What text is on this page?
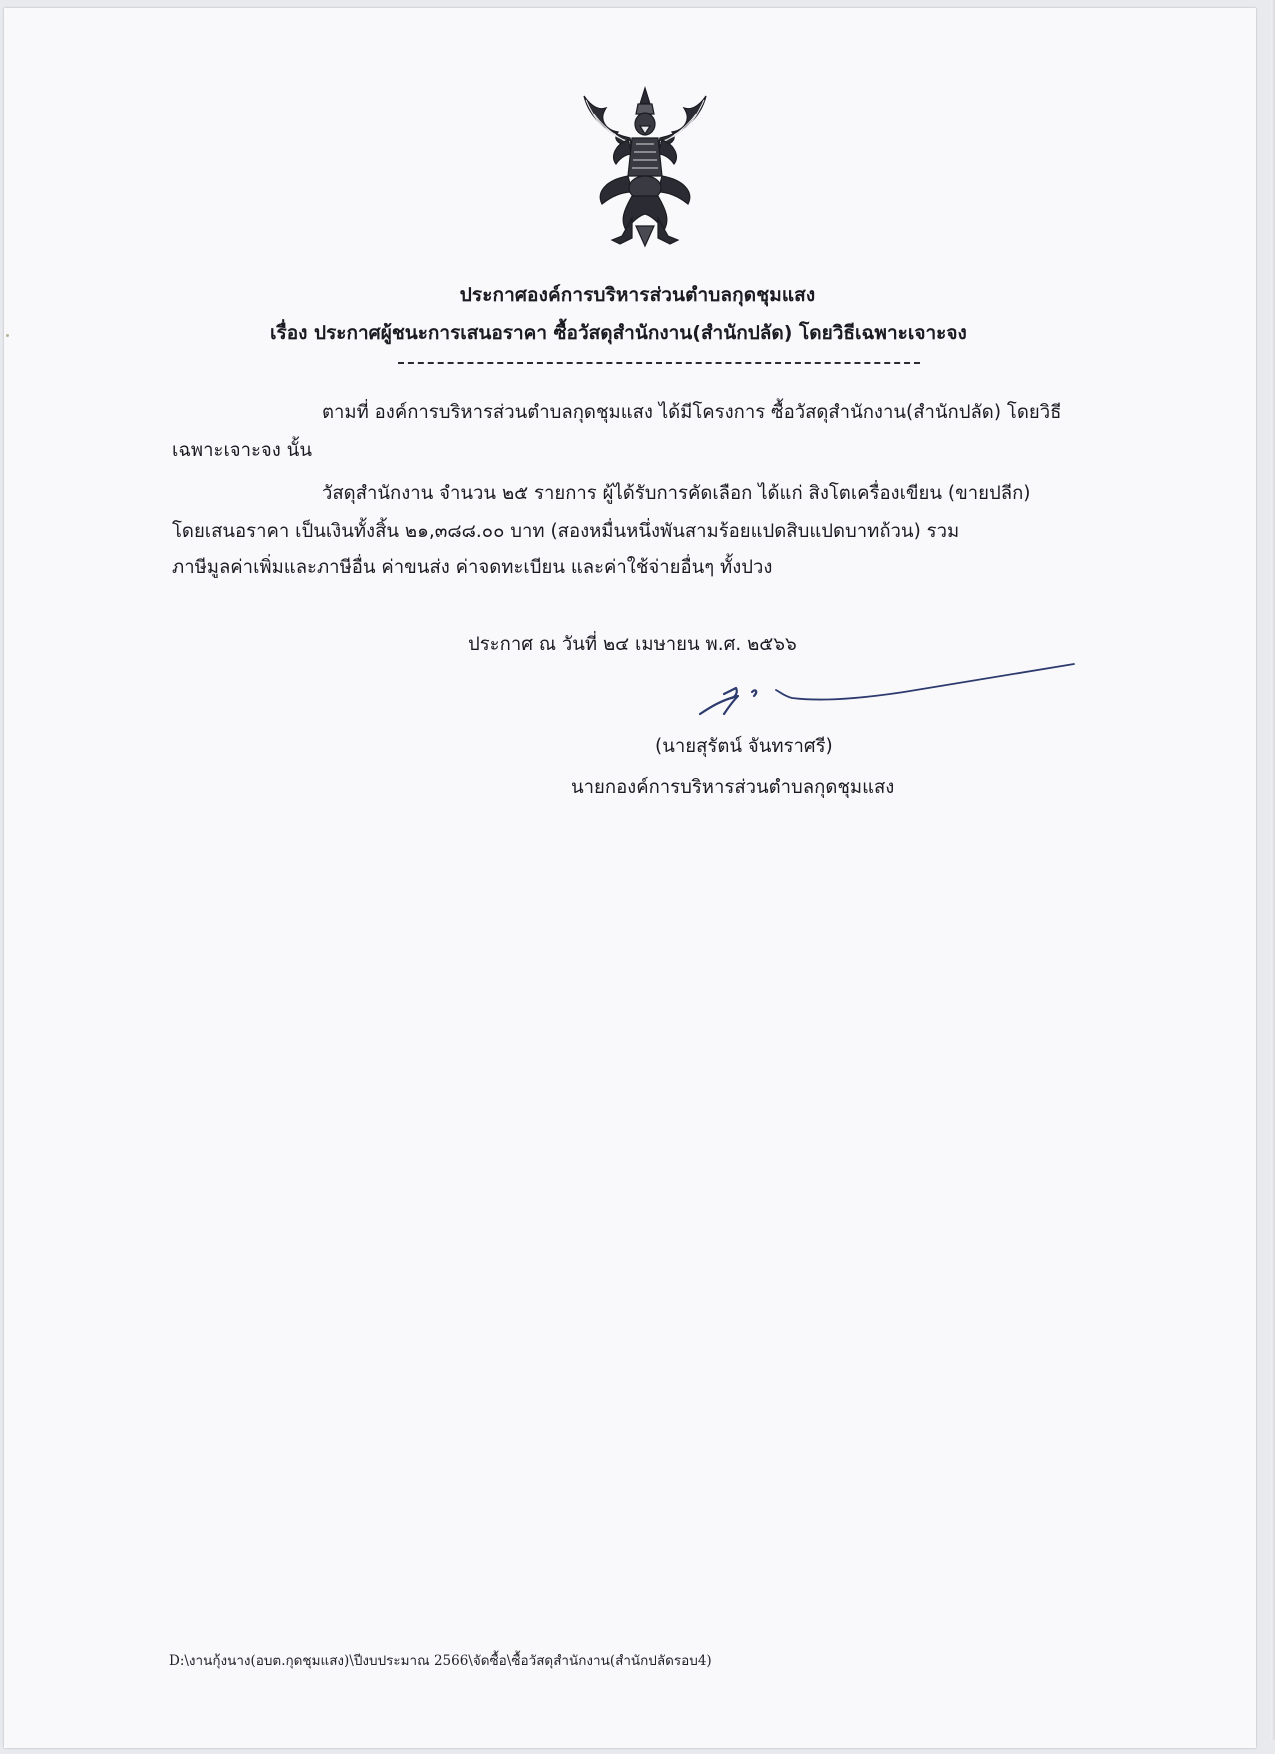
ประกาศองค์การบริหารส่วนตำบลกุดชุมแสง
เรื่อง ประกาศผู้ชนะการเสนอราคา ซื้อวัสดุสำนักงาน(สำนักปลัด) โดยวิธีเฉพาะเจาะจง
ตามที่ องค์การบริหารส่วนตำบลกุดชุมแสง ได้มีโครงการ ซื้อวัสดุสำนักงาน(สำนักปลัด) โดยวิธี
เฉพาะเจาะจง นั้น
วัสดุสำนักงาน จำนวน ๒๕ รายการ ผู้ได้รับการคัดเลือก ได้แก่ สิงโตเครื่องเขียน (ขายปลีก)
โดยเสนอราคา เป็นเงินทั้งสิ้น ๒๑,๓๘๘.๐๐ บาท (สองหมื่นหนึ่งพันสามร้อยแปดสิบแปดบาทถ้วน) รวม
ภาษีมูลค่าเพิ่มและภาษีอื่น ค่าขนส่ง ค่าจดทะเบียน และค่าใช้จ่ายอื่นๆ ทั้งปวง
ประกาศ ณ วันที่ ๒๔ เมษายน พ.ศ. ๒๕๖๖
(นายสุรัตน์ จันทราศรี)
นายกองค์การบริหารส่วนตำบลกุดชุมแสง
D:\งานกุ้งนาง(อบต.กุดชุมแสง)\ปีงบประมาณ 2566\จัดซื้อ\ซื้อวัสดุสำนักงาน(สำนักปลัดรอบ4)
